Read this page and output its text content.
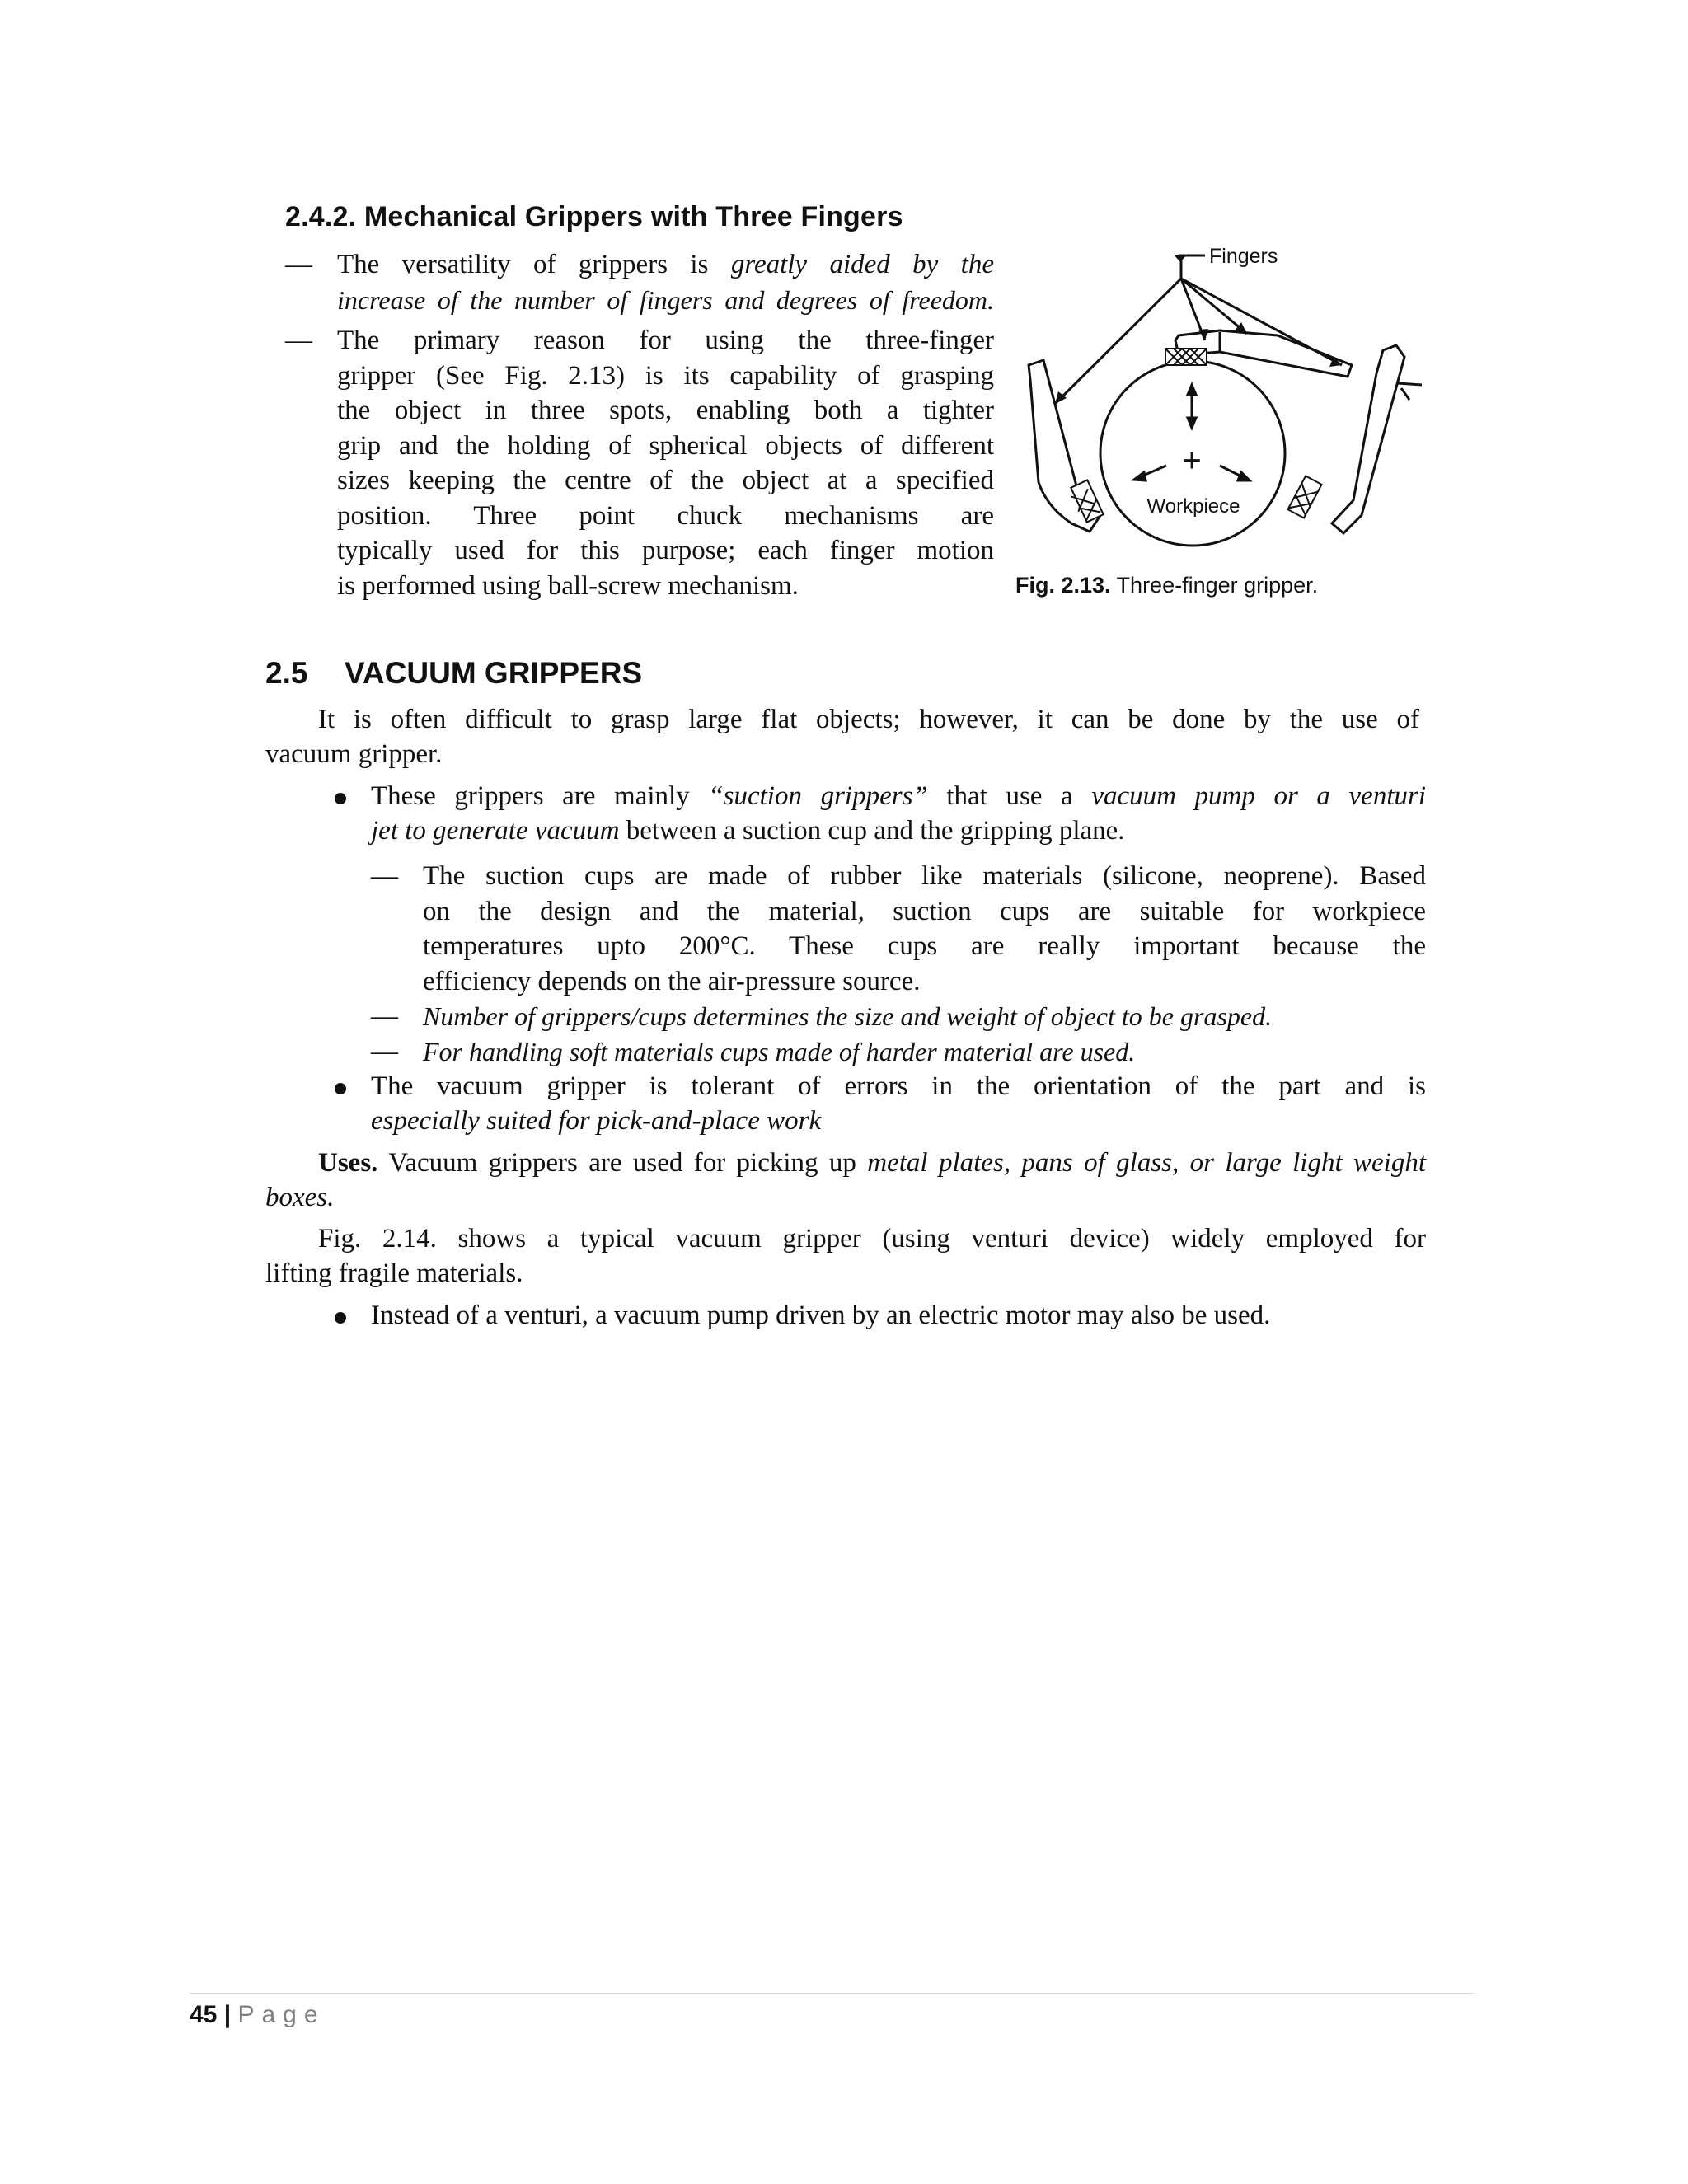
2.4.2. Mechanical Grippers with Three Fingers
— The versatility of grippers is greatly aided by the
increase of the number of fingers and degrees of freedom.
— The primary reason for using the three-finger
gripper (See Fig. 2.13) is its capability of grasping
the object in three spots, enabling both a tighter
grip and the holding of spherical objects of different
sizes keeping the centre of the object at a specified
position. Three point chuck mechanisms are
typically used for this purpose; each finger motion
is performed using ball-screw mechanism.
+
Fingers
Workpiece
Fig. 2.13. Three-finger gripper.
2.5 VACUUM GRIPPERS
It is often difficult to grasp large flat objects; however, it can be done by the use of
vacuum gripper.
These grippers are mainly “suction grippers” that use a vacuum pump or a venturi
jet to generate vacuum between a suction cup and the gripping plane.
— The suction cups are made of rubber like materials (silicone, neoprene). Based
on the design and the material, suction cups are suitable for workpiece
temperatures upto 200°C. These cups are really important because the
efficiency depends on the air-pressure source.
— Number of grippers/cups determines the size and weight of object to be grasped.
— For handling soft materials cups made of harder material are used.
The vacuum gripper is tolerant of errors in the orientation of the part and is
especially suited for pick-and-place work
Uses. Vacuum grippers are used for picking up metal plates, pans of glass, or large light weight
boxes.
Fig. 2.14. shows a typical vacuum gripper (using venturi device) widely employed for
lifting fragile materials.
Instead of a venturi, a vacuum pump driven by an electric motor may also be used.
45 | Page
